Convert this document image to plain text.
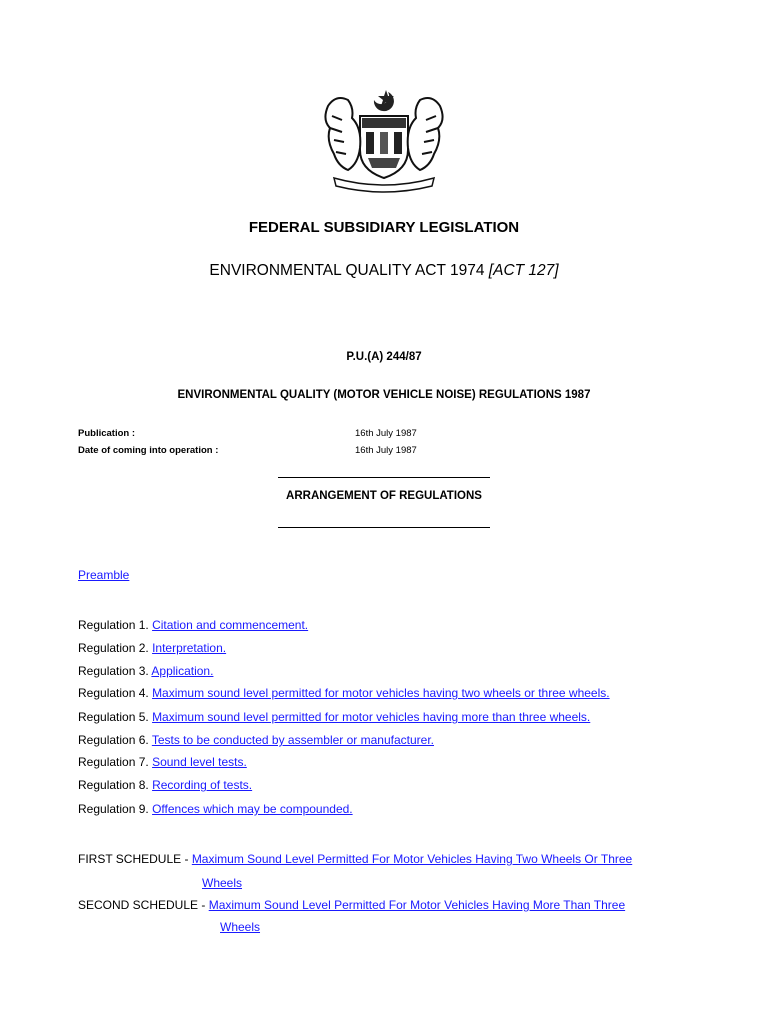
FEDERAL SUBSIDIARY LEGISLATION
ENVIRONMENTAL QUALITY ACT 1974 [ACT 127]
P.U.(A) 244/87
ENVIRONMENTAL QUALITY (MOTOR VEHICLE NOISE) REGULATIONS 1987
Publication :	16th July 1987
Date of coming into operation :	16th July 1987
ARRANGEMENT OF REGULATIONS
Preamble
Regulation 1. Citation and commencement.
Regulation 2. Interpretation.
Regulation 3. Application.
Regulation 4. Maximum sound level permitted for motor vehicles having two wheels or three wheels.
Regulation 5. Maximum sound level permitted for motor vehicles having more than three wheels.
Regulation 6. Tests to be conducted by assembler or manufacturer.
Regulation 7. Sound level tests.
Regulation 8. Recording of tests.
Regulation 9. Offences which may be compounded.
FIRST SCHEDULE - Maximum Sound Level Permitted For Motor Vehicles Having Two Wheels Or Three
Wheels
SECOND SCHEDULE - Maximum Sound Level Permitted For Motor Vehicles Having More Than Three
Wheels
